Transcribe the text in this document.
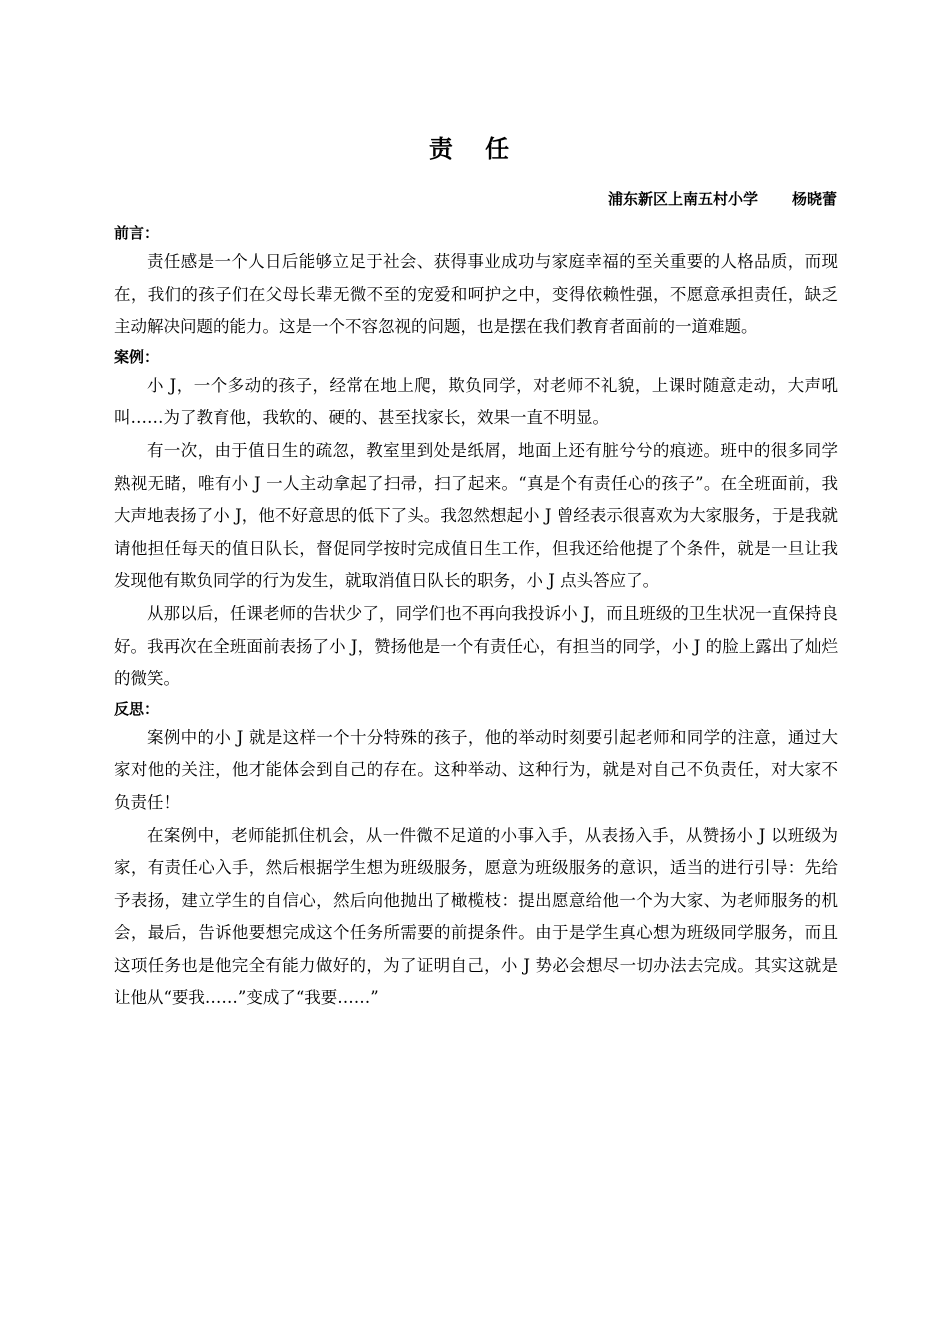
责 任
浦东新区上南五村小学 杨晓蕾

前言：

责任感是一个人日后能够立足于社会、获得事业成功与家庭幸福的至关重要的人格品质，而现在，我们的孩子们在父母长辈无微不至的宠爱和呵护之中，变得依赖性强，不愿意承担责任，缺乏主动解决问题的能力。这是一个不容忽视的问题，也是摆在我们教育者面前的一道难题。

案例：

小 J，一个多动的孩子，经常在地上爬，欺负同学，对老师不礼貌，上课时随意走动，大声吼叫……为了教育他，我软的、硬的、甚至找家长，效果一直不明显。

有一次，由于值日生的疏忽，教室里到处是纸屑，地面上还有脏兮兮的痕迹。班中的很多同学熟视无睹，唯有小 J 一人主动拿起了扫帚，扫了起来。“真是个有责任心的孩子”。在全班面前，我大声地表扬了小 J，他不好意思的低下了头。我忽然想起小 J 曾经表示很喜欢为大家服务，于是我就请他担任每天的值日队长，督促同学按时完成值日生工作，但我还给他提了个条件，就是一旦让我发现他有欺负同学的行为发生，就取消值日队长的职务，小 J 点头答应了。

从那以后，任课老师的告状少了，同学们也不再向我投诉小 J，而且班级的卫生状况一直保持良好。我再次在全班面前表扬了小 J，赞扬他是一个有责任心，有担当的同学，小 J 的脸上露出了灿烂的微笑。

反思：

案例中的小 J 就是这样一个十分特殊的孩子，他的举动时刻要引起老师和同学的注意，通过大家对他的关注，他才能体会到自己的存在。这种举动、这种行为，就是对自己不负责任，对大家不负责任！

在案例中，老师能抓住机会，从一件微不足道的小事入手，从表扬入手，从赞扬小 J 以班级为家，有责任心入手，然后根据学生想为班级服务，愿意为班级服务的意识，适当的进行引导：先给予表扬，建立学生的自信心，然后向他抛出了橄榄枝：提出愿意给他一个为大家、为老师服务的机会，最后，告诉他要想完成这个任务所需要的前提条件。由于是学生真心想为班级同学服务，而且这项任务也是他完全有能力做好的，为了证明自己，小 J 势必会想尽一切办法去完成。其实这就是让他从“要我……”变成了“我要……”
